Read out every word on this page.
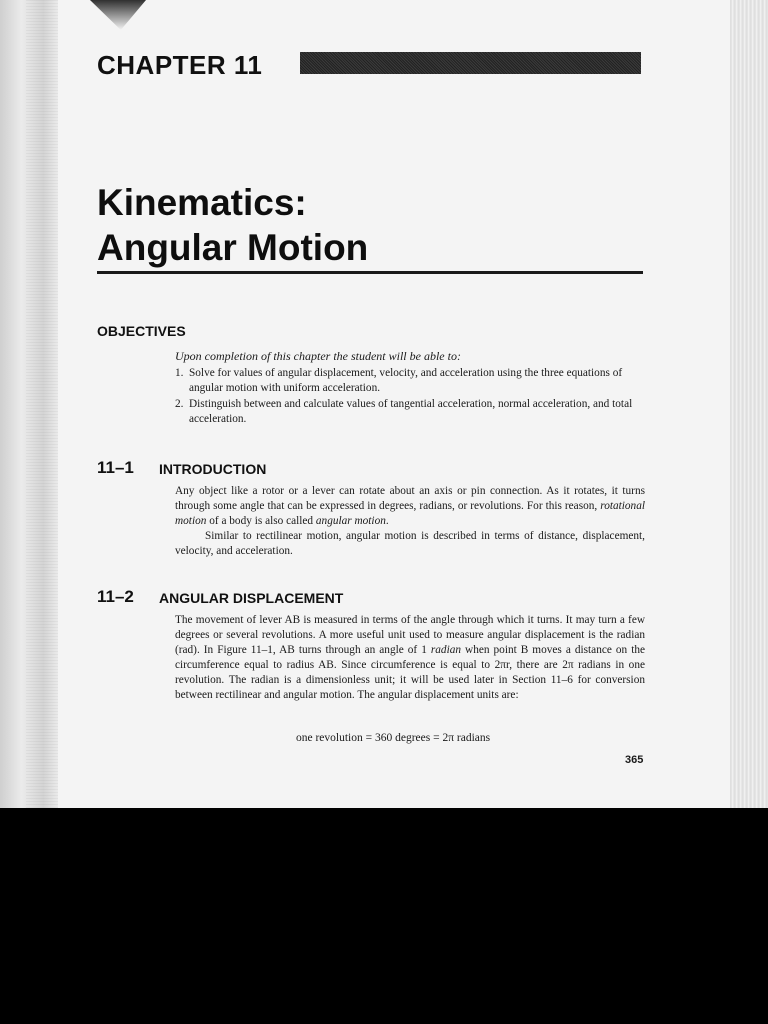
CHAPTER 11
Kinematics:
Angular Motion
OBJECTIVES

Upon completion of this chapter the student will be able to:

1. Solve for values of angular displacement, velocity, and acceleration using the three equations of angular motion with uniform acceleration.
2. Distinguish between and calculate values of tangential acceleration, normal acceleration, and total acceleration.
11–1 INTRODUCTION

Any object like a rotor or a lever can rotate about an axis or pin connection. As it rotates, it turns through some angle that can be expressed in degrees, radians, or revolutions. For this reason, rotational motion of a body is also called angular motion.

Similar to rectilinear motion, angular motion is described in terms of distance, displacement, velocity, and acceleration.

11–2 ANGULAR DISPLACEMENT

The movement of lever AB is measured in terms of the angle through which it turns. It may turn a few degrees or several revolutions. A more useful unit used to measure angular displacement is the radian (rad). In Figure 11–1, AB turns through an angle of 1 radian when point B moves a distance on the circumference equal to radius AB. Since circumference is equal to 2πr, there are 2π radians in one revolution. The radian is a dimensionless unit; it will be used later in Section 11–6 for conversion between rectilinear and angular motion. The angular displacement units are:

one revolution = 360 degrees = 2π radians

365
